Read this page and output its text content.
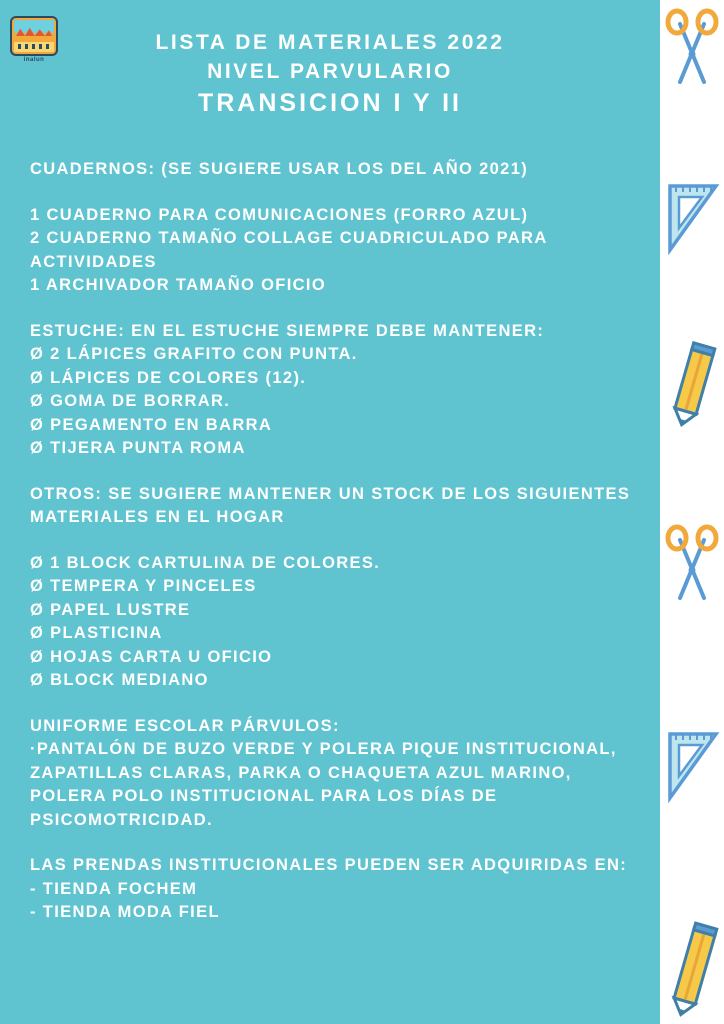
inalun
LISTA DE MATERIALES 2022
NIVEL PARVULARIO
TRANSICION I Y II
CUADERNOS: (SE SUGIERE USAR LOS DEL AÑO 2021)
1 CUADERNO PARA COMUNICACIONES (FORRO AZUL)
2 CUADERNO TAMAÑO COLLAGE CUADRICULADO PARA ACTIVIDADES
1 ARCHIVADOR TAMAÑO OFICIO
ESTUCHE: EN EL ESTUCHE SIEMPRE DEBE MANTENER:
Ø 2 LÁPICES GRAFITO CON PUNTA.
Ø LÁPICES DE COLORES (12).
Ø GOMA DE BORRAR.
Ø PEGAMENTO EN BARRA
Ø TIJERA PUNTA ROMA
OTROS: SE SUGIERE MANTENER UN STOCK DE LOS SIGUIENTES MATERIALES EN EL HOGAR
Ø 1 BLOCK CARTULINA DE COLORES.
Ø TEMPERA Y PINCELES
Ø PAPEL LUSTRE
Ø PLASTICINA
Ø HOJAS CARTA U OFICIO
Ø BLOCK MEDIANO
UNIFORME ESCOLAR PÁRVULOS:
·PANTALÓN DE BUZO VERDE Y POLERA PIQUE INSTITUCIONAL, ZAPATILLAS CLARAS, PARKA O CHAQUETA AZUL MARINO, POLERA POLO INSTITUCIONAL PARA LOS DÍAS DE PSICOMOTRICIDAD.
LAS PRENDAS INSTITUCIONALES PUEDEN SER ADQUIRIDAS EN:
- TIENDA FOCHEM
- TIENDA MODA FIEL
